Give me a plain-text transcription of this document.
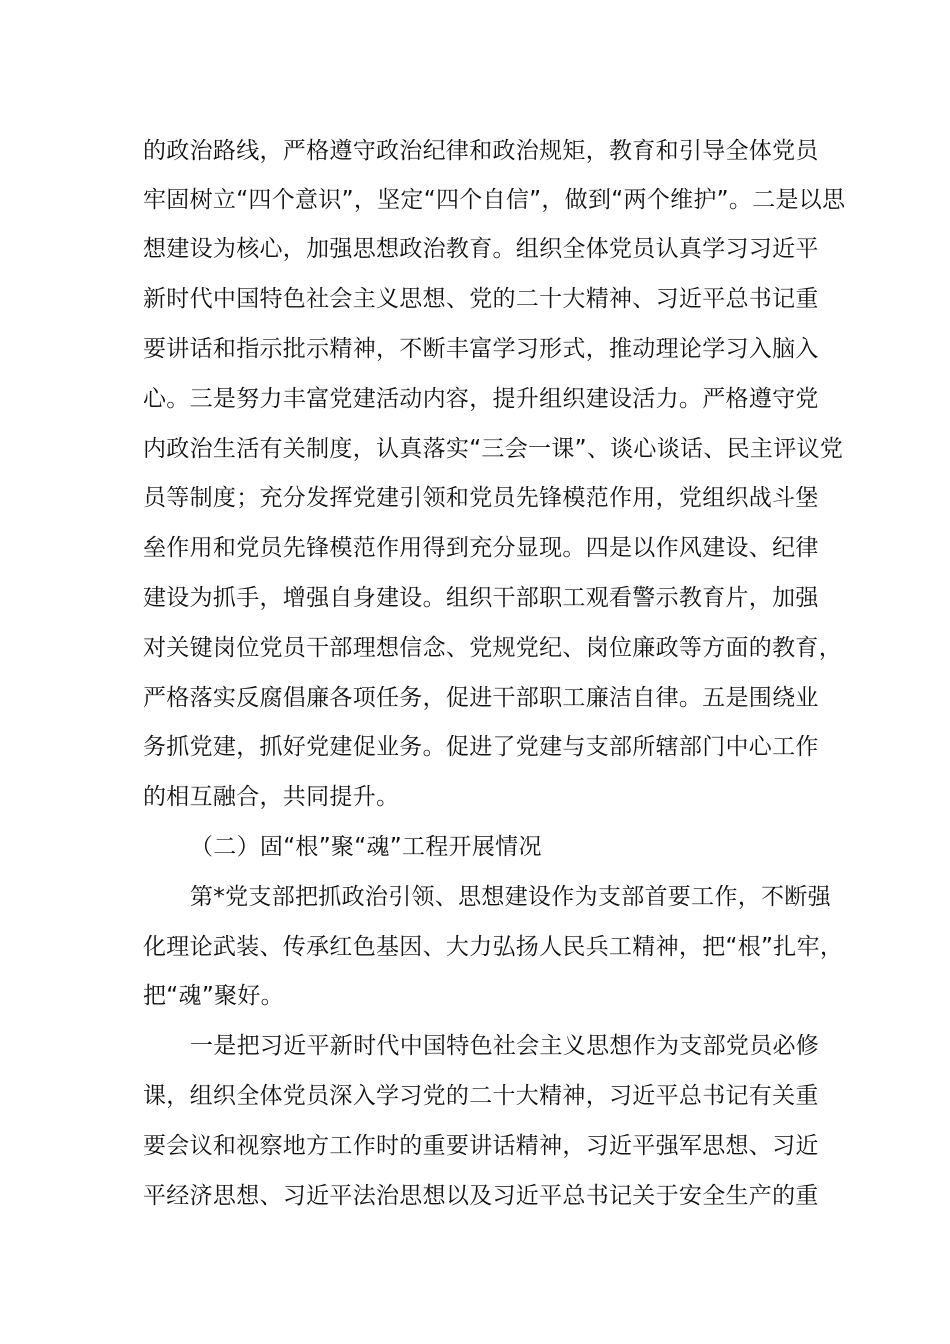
的政治路线，严格遵守政治纪律和政治规矩，教育和引导全体党员
牢固树立“四个意识”，坚定“四个自信”，做到“两个维护”。二是以思
想建设为核心，加强思想政治教育。组织全体党员认真学习习近平
新时代中国特色社会主义思想、党的二十大精神、习近平总书记重
要讲话和指示批示精神，不断丰富学习形式，推动理论学习入脑入
心。三是努力丰富党建活动内容，提升组织建设活力。严格遵守党
内政治生活有关制度，认真落实“三会一课”、谈心谈话、民主评议党
员等制度；充分发挥党建引领和党员先锋模范作用，党组织战斗堡
垒作用和党员先锋模范作用得到充分显现。四是以作风建设、纪律
建设为抓手，增强自身建设。组织干部职工观看警示教育片，加强
对关键岗位党员干部理想信念、党规党纪、岗位廉政等方面的教育，
严格落实反腐倡廉各项任务，促进干部职工廉洁自律。五是围绕业
务抓党建，抓好党建促业务。促进了党建与支部所辖部门中心工作
的相互融合，共同提升。
（二）固“根”聚“魂”工程开展情况
第*党支部把抓政治引领、思想建设作为支部首要工作，不断强
化理论武装、传承红色基因、大力弘扬人民兵工精神，把“根”扎牢，
把“魂”聚好。
一是把习近平新时代中国特色社会主义思想作为支部党员必修
课，组织全体党员深入学习党的二十大精神，习近平总书记有关重
要会议和视察地方工作时的重要讲话精神，习近平强军思想、习近
平经济思想、习近平法治思想以及习近平总书记关于安全生产的重
